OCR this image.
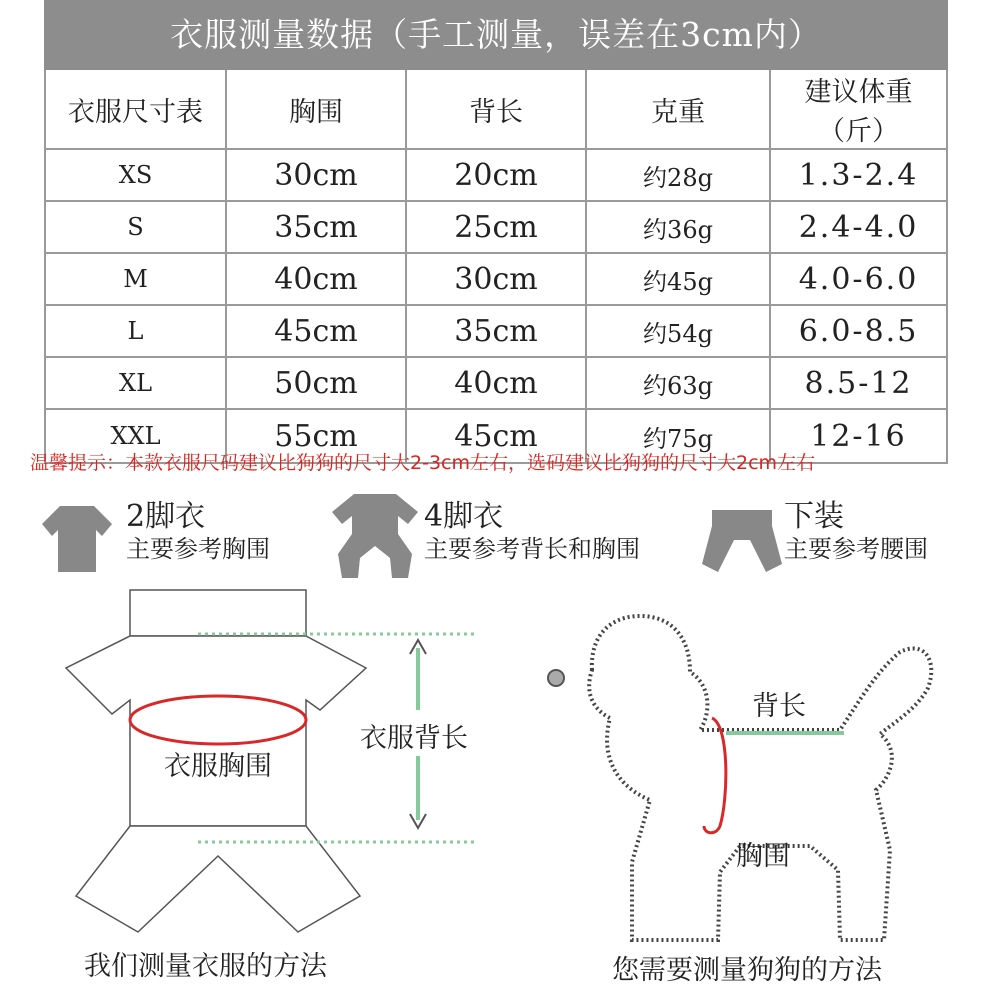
衣服测量数据（手工测量，误差在3cm内）
衣服尺寸表	胸围	背长	克重	建议体重（斤）
XS	30cm	20cm	约28g	1.3-2.4
S	35cm	25cm	约36g	2.4-4.0
M	40cm	30cm	约45g	4.0-6.0
L	45cm	35cm	约54g	6.0-8.5
XL	50cm	40cm	约63g	8.5-12
XXL	55cm	45cm	约75g	12-16
温馨提示：本款衣服尺码建议比狗狗的尺寸大2-3cm左右，选码建议比狗狗的尺寸大2cm左右
2脚衣
主要参考胸围
4脚衣
主要参考背长和胸围
下装
主要参考腰围
衣服背长
衣服胸围
我们测量衣服的方法
背长
胸围
您需要测量狗狗的方法
